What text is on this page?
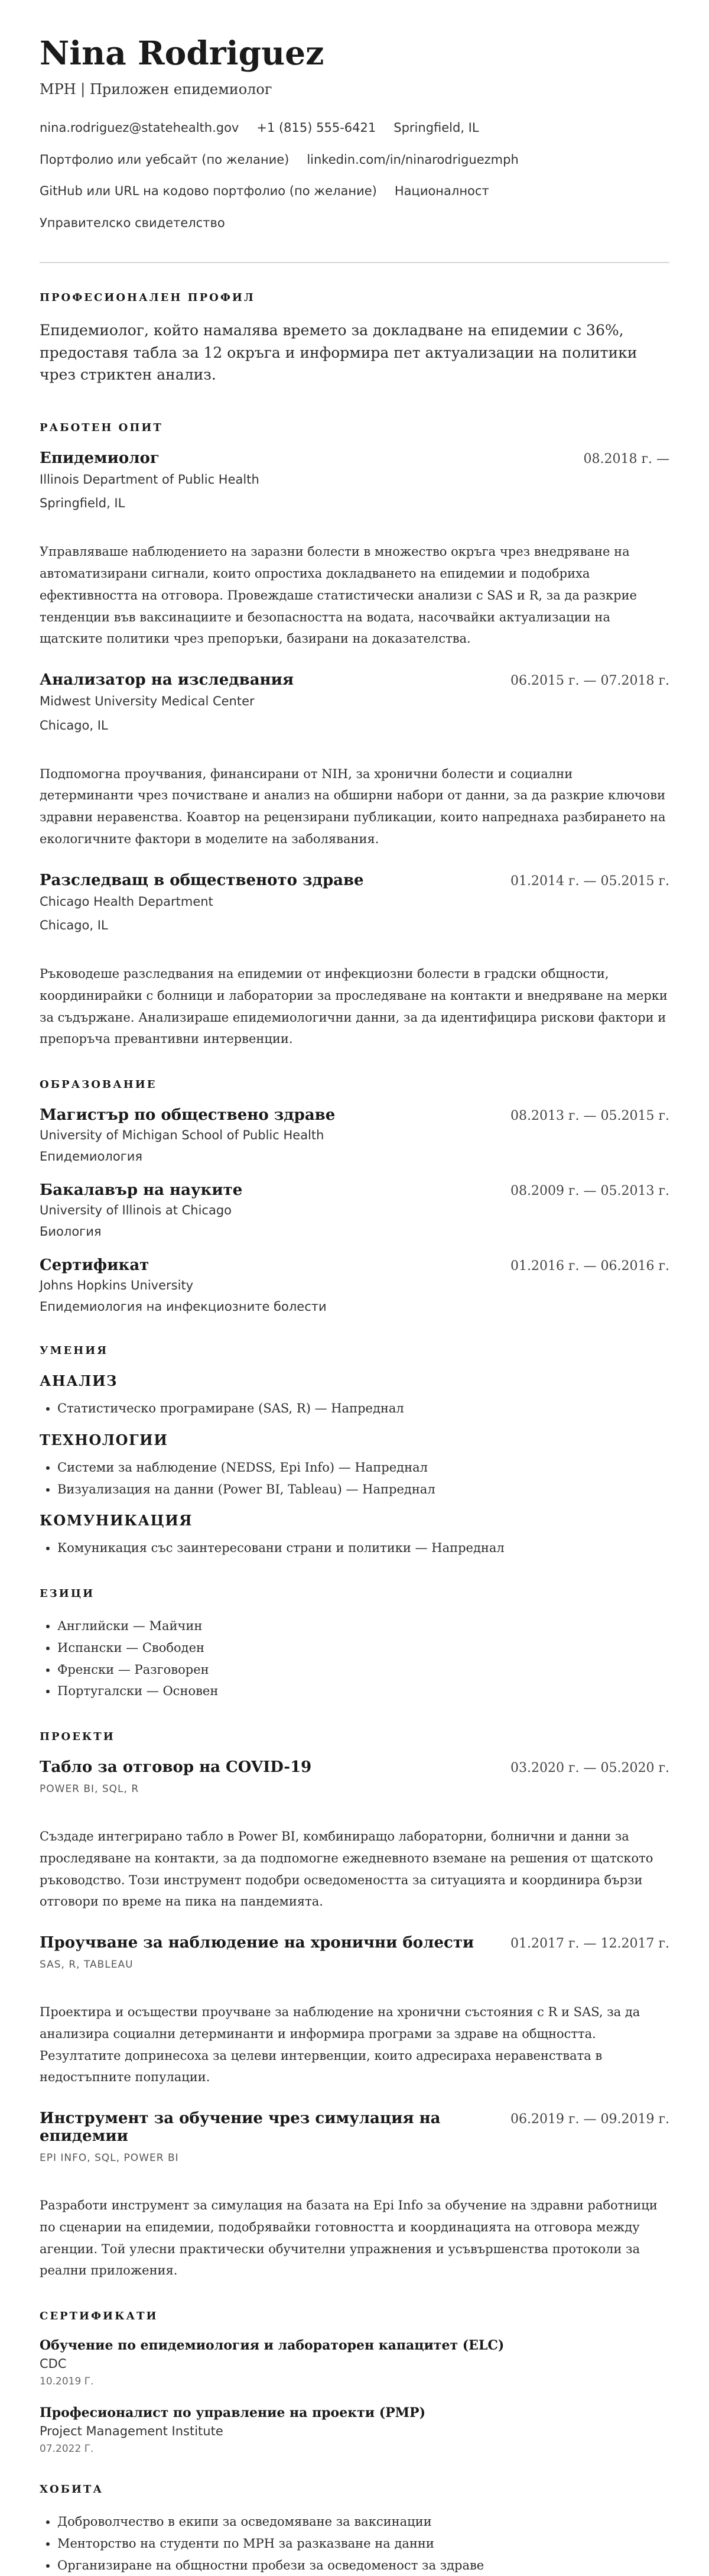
Nina Rodriguez
MPH | Приложен епидемиолог
nina.rodriguez@statehealth.gov +1 (815) 555-6421 Springfield, IL
Портфолио или уебсайт (по желание) linkedin.com/in/ninarodriguezmph
GitHub или URL на кодово портфолио (по желание) Националност
Управителско свидетелство
ПРОФЕСИОНАЛЕН ПРОФИЛ
Епидемиолог, който намалява времето за докладване на епидемии с 36%, предоставя табла за 12 окръга и информира пет актуализации на политики чрез стриктен анализ.
РАБОТЕН ОПИТ
Епидемиолог	08.2018 г. —
Illinois Department of Public Health
Springfield, IL
Управляваше наблюдението на заразни болести в множество окръга чрез внедряване на автоматизирани сигнали, които опростиха докладването на епидемии и подобриха ефективността на отговора. Провеждаше статистически анализи с SAS и R, за да разкрие тенденции във ваксинациите и безопасността на водата, насочвайки актуализации на щатските политики чрез препоръки, базирани на доказателства.
Анализатор на изследвания	06.2015 г. — 07.2018 г.
Midwest University Medical Center
Chicago, IL
Подпомогна проучвания, финансирани от NIH, за хронични болести и социални детерминанти чрез почистване и анализ на обширни набори от данни, за да разкрие ключови здравни неравенства. Коавтор на рецензирани публикации, които напреднаха разбирането на екологичните фактори в моделите на заболявания.
Разследващ в общественото здраве	01.2014 г. — 05.2015 г.
Chicago Health Department
Chicago, IL
Ръководеше разследвания на епидемии от инфекциозни болести в градски общности, координирайки с болници и лаборатории за проследяване на контакти и внедряване на мерки за съдържане. Анализираше епидемиологични данни, за да идентифицира рискови фактори и препоръча превантивни интервенции.
ОБРАЗОВАНИЕ
Магистър по обществено здраве	08.2013 г. — 05.2015 г.
University of Michigan School of Public Health
Епидемиология
Бакалавър на науките	08.2009 г. — 05.2013 г.
University of Illinois at Chicago
Биология
Сертификат	01.2016 г. — 06.2016 г.
Johns Hopkins University
Епидемиология на инфекциозните болести
УМЕНИЯ
АНАЛИЗ
• Статистическо програмиране (SAS, R) — Напреднал
ТЕХНОЛОГИИ
• Системи за наблюдение (NEDSS, Epi Info) — Напреднал
• Визуализация на данни (Power BI, Tableau) — Напреднал
КОМУНИКАЦИЯ
• Комуникация със заинтересовани страни и политики — Напреднал
ЕЗИЦИ
• Английски — Майчин
• Испански — Свободен
• Френски — Разговорен
• Португалски — Основен
ПРОЕКТИ
Табло за отговор на COVID-19	03.2020 г. — 05.2020 г.
POWER BI, SQL, R
Създаде интегрирано табло в Power BI, комбиниращо лабораторни, болнични и данни за проследяване на контакти, за да подпомогне ежедневното вземане на решения от щатското ръководство. Този инструмент подобри осведомеността за ситуацията и координира бързи отговори по време на пика на пандемията.
Проучване за наблюдение на хронични болести	01.2017 г. — 12.2017 г.
SAS, R, TABLEAU
Проектира и осъществи проучване за наблюдение на хронични състояния с R и SAS, за да анализира социални детерминанти и информира програми за здраве на общността. Резултатите допринесоха за целеви интервенции, които адресираха неравенствата в недостъпните популации.
Инструмент за обучение чрез симулация на епидемии
06.2019 г. — 09.2019 г.
EPI INFO, SQL, POWER BI
Разработи инструмент за симулация на базата на Epi Info за обучение на здравни работници по сценарии на епидемии, подобрявайки готовността и координацията на отговора между агенции. Той улесни практически обучителни упражнения и усъвършенства протоколи за реални приложения.
СЕРТИФИКАТИ
Обучение по епидемиология и лабораторен капацитет (ELC)
CDC
10.2019 Г.
Професионалист по управление на проекти (PMP)
Project Management Institute
07.2022 Г.
ХОБИТА
• Доброволчество в екипи за осведомяване за ваксинации
• Менторство на студенти по MPH за разказване на данни
• Организиране на общностни пробези за осведоменост за здраве
